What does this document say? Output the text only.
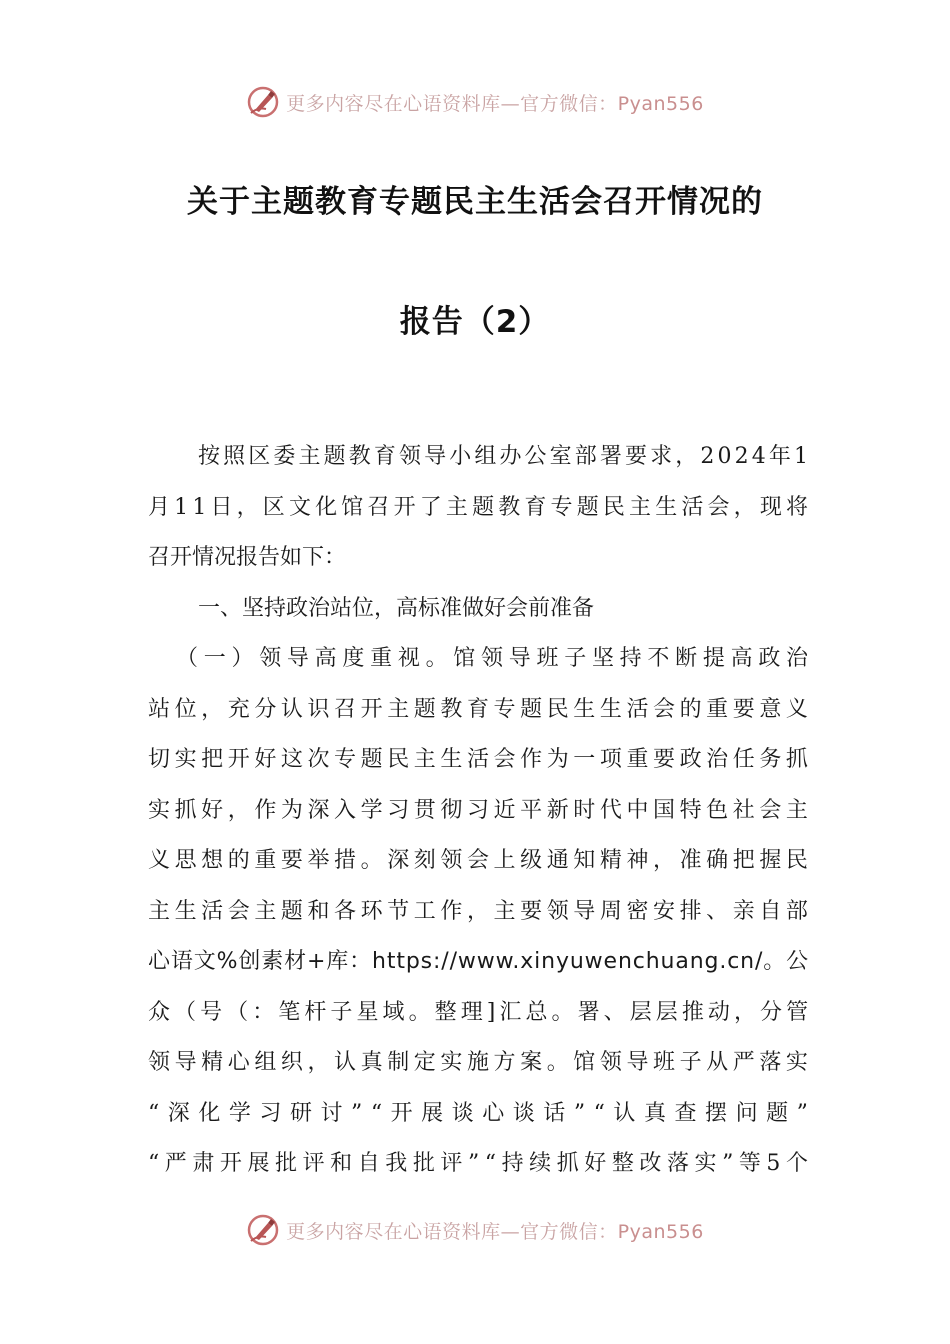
更多内容尽在心语资料库—官方微信：Pyan556
关于主题教育专题民主生活会召开情况的
报告（2）
按照区委主题教育领导小组办公室部署要求，2024年1
月11日，区文化馆召开了主题教育专题民主生活会，现将
召开情况报告如下：
一、坚持政治站位，高标准做好会前准备
（一）领导高度重视。馆领导班子坚持不断提高政治
站位，充分认识召开主题教育专题民生生活会的重要意义
切实把开好这次专题民主生活会作为一项重要政治任务抓
实抓好，作为深入学习贯彻习近平新时代中国特色社会主
义思想的重要举措。深刻领会上级通知精神，准确把握民
主生活会主题和各环节工作，主要领导周密安排、亲自部
心语文%创素材+库：https://www.xinyuwenchuang.cn/。公
众（号（：笔杆子星域。整理]汇总。署、层层推动，分管
领导精心组织，认真制定实施方案。馆领导班子从严落实
“深化学习研讨”“开展谈心谈话”“认真查摆问题”
“严肃开展批评和自我批评”“持续抓好整改落实”等5个
更多内容尽在心语资料库—官方微信：Pyan556
